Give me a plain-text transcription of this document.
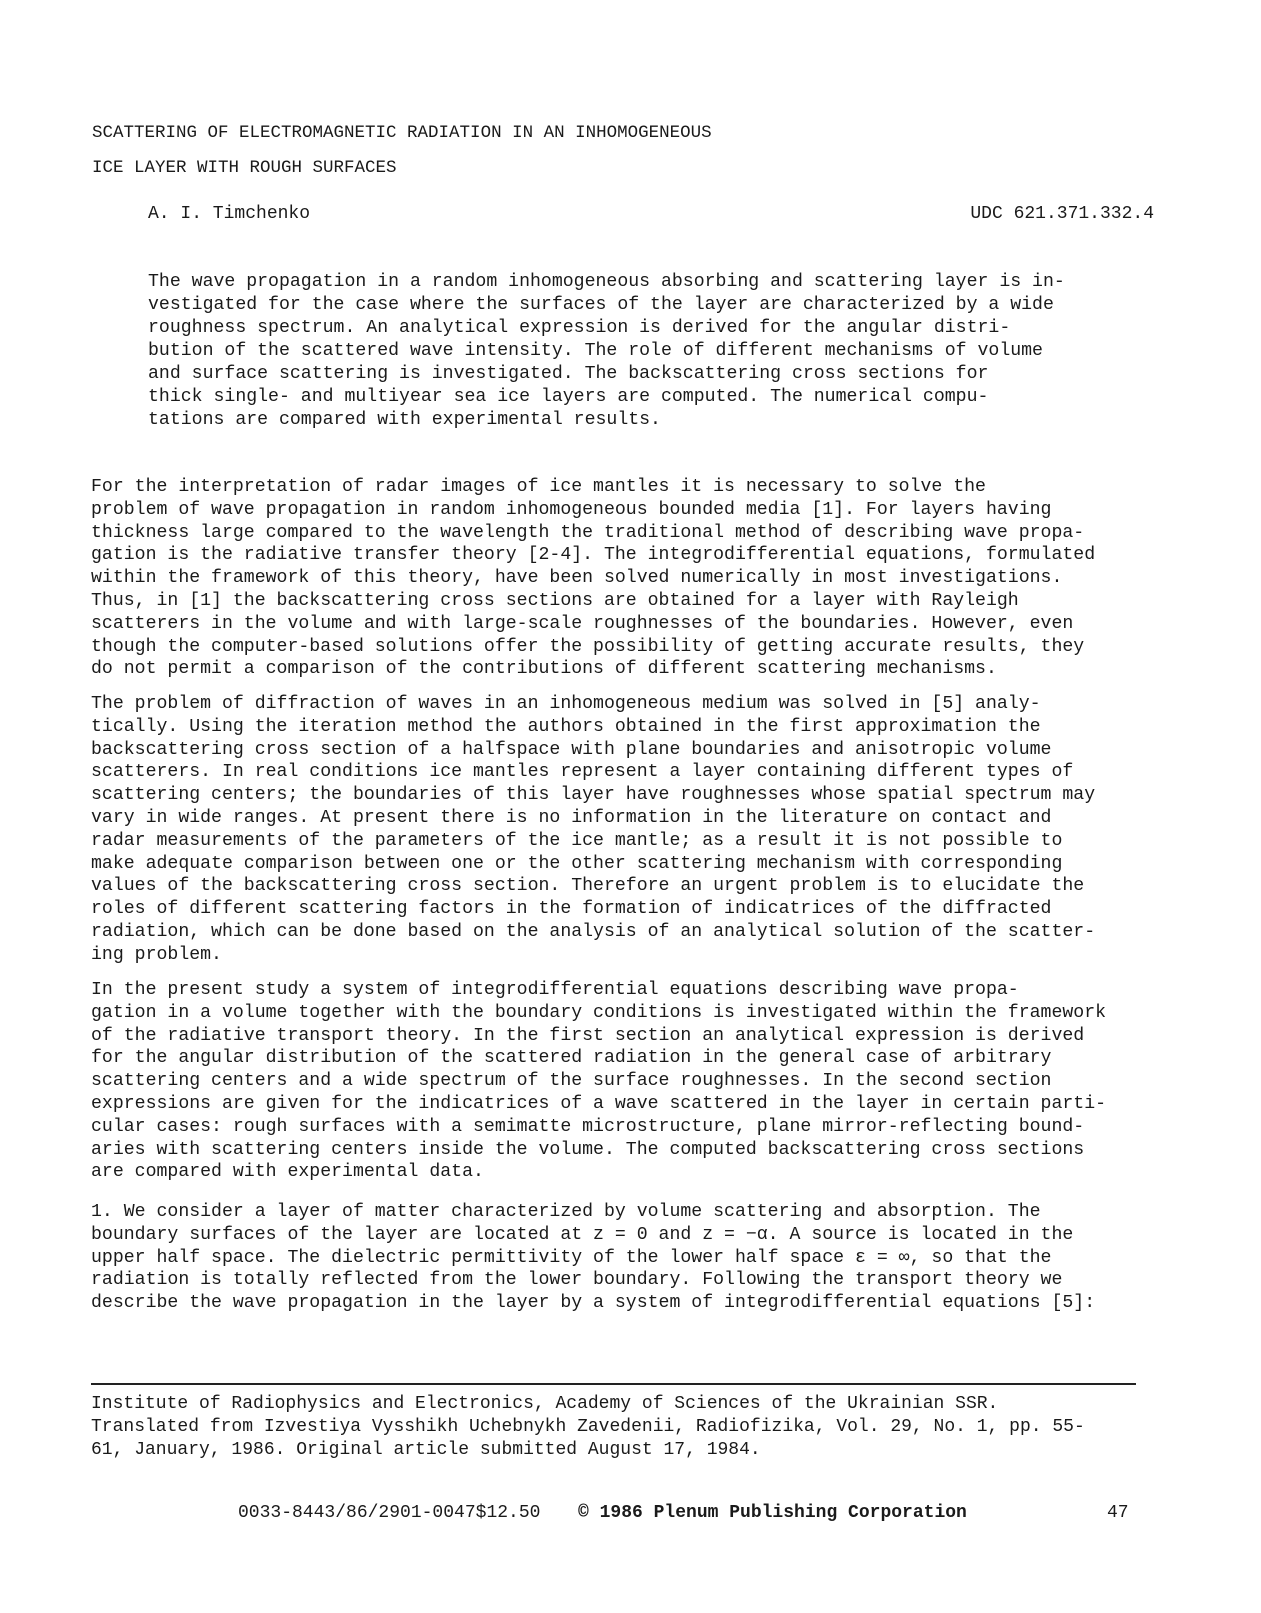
SCATTERING OF ELECTROMAGNETIC RADIATION IN AN INHOMOGENEOUS
ICE LAYER WITH ROUGH SURFACES
A. I. Timchenko	UDC 621.371.332.4
The wave propagation in a random inhomogeneous absorbing and scattering layer is in-
vestigated for the case where the surfaces of the layer are characterized by a wide
roughness spectrum. An analytical expression is derived for the angular distri-
bution of the scattered wave intensity. The role of different mechanisms of volume
and surface scattering is investigated. The backscattering cross sections for
thick single- and multiyear sea ice layers are computed. The numerical compu-
tations are compared with experimental results.
For the interpretation of radar images of ice mantles it is necessary to solve the
problem of wave propagation in random inhomogeneous bounded media [1]. For layers having
thickness large compared to the wavelength the traditional method of describing wave propa-
gation is the radiative transfer theory [2-4]. The integrodifferential equations, formulated
within the framework of this theory, have been solved numerically in most investigations.
Thus, in [1] the backscattering cross sections are obtained for a layer with Rayleigh
scatterers in the volume and with large-scale roughnesses of the boundaries. However, even
though the computer-based solutions offer the possibility of getting accurate results, they
do not permit a comparison of the contributions of different scattering mechanisms.
The problem of diffraction of waves in an inhomogeneous medium was solved in [5] analy-
tically. Using the iteration method the authors obtained in the first approximation the
backscattering cross section of a halfspace with plane boundaries and anisotropic volume
scatterers. In real conditions ice mantles represent a layer containing different types of
scattering centers; the boundaries of this layer have roughnesses whose spatial spectrum may
vary in wide ranges. At present there is no information in the literature on contact and
radar measurements of the parameters of the ice mantle; as a result it is not possible to
make adequate comparison between one or the other scattering mechanism with corresponding
values of the backscattering cross section. Therefore an urgent problem is to elucidate the
roles of different scattering factors in the formation of indicatrices of the diffracted
radiation, which can be done based on the analysis of an analytical solution of the scatter-
ing problem.
In the present study a system of integrodifferential equations describing wave propa-
gation in a volume together with the boundary conditions is investigated within the framework
of the radiative transport theory. In the first section an analytical expression is derived
for the angular distribution of the scattered radiation in the general case of arbitrary
scattering centers and a wide spectrum of the surface roughnesses. In the second section
expressions are given for the indicatrices of a wave scattered in the layer in certain parti-
cular cases: rough surfaces with a semimatte microstructure, plane mirror-reflecting bound-
aries with scattering centers inside the volume. The computed backscattering cross sections
are compared with experimental data.
1. We consider a layer of matter characterized by volume scattering and absorption. The
boundary surfaces of the layer are located at z = 0 and z = −α. A source is located in the
upper half space. The dielectric permittivity of the lower half space ε = ∞, so that the
radiation is totally reflected from the lower boundary. Following the transport theory we
describe the wave propagation in the layer by a system of integrodifferential equations [5]:
Institute of Radiophysics and Electronics, Academy of Sciences of the Ukrainian SSR.
Translated from Izvestiya Vysshikh Uchebnykh Zavedenii, Radiofizika, Vol. 29, No. 1, pp. 55-
61, January, 1986. Original article submitted August 17, 1984.
0033-8443/86/2901-0047$12.50 © 1986 Plenum Publishing Corporation	47
